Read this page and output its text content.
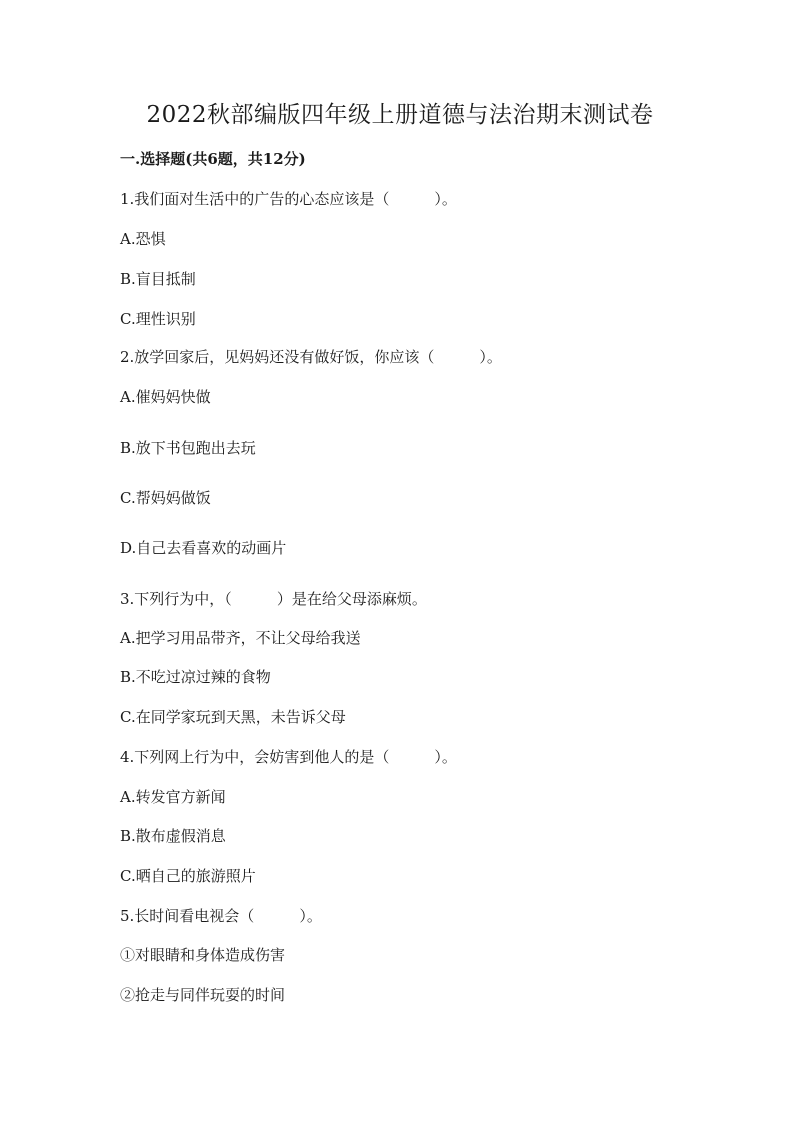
2022秋部编版四年级上册道德与法治期末测试卷
一.选择题(共6题，共12分)
1.我们面对生活中的广告的心态应该是（　　　）。
A.恐惧
B.盲目抵制
C.理性识别
2.放学回家后，见妈妈还没有做好饭，你应该（　　　）。
A.催妈妈快做
B.放下书包跑出去玩
C.帮妈妈做饭
D.自己去看喜欢的动画片
3.下列行为中，（　　　）是在给父母添麻烦。
A.把学习用品带齐，不让父母给我送
B.不吃过凉过辣的食物
C.在同学家玩到天黑，未告诉父母
4.下列网上行为中，会妨害到他人的是（　　　）。
A.转发官方新闻
B.散布虚假消息
C.晒自己的旅游照片
5.长时间看电视会（　　　）。
①对眼睛和身体造成伤害
②抢走与同伴玩耍的时间
